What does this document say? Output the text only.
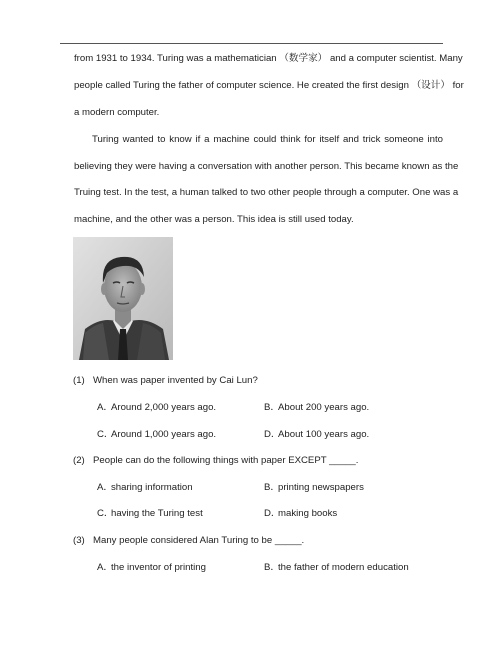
from 1931 to 1934. Turing was a mathematician （数学家） and a computer scientist. Many
people called Turing the father of computer science. He created the first design （设计） for
a modern computer.
Turing wanted to know if a machine could think for itself and trick someone into
believing they were having a conversation with another person. This became known as the
Truing test. In the test, a human talked to two other people through a computer. One was a
machine, and the other was a person. This idea is still used today.
(1) When was paper invented by Cai Lun?
A．Around 2,000 years ago.	B．About 200 years ago.
C．Around 1,000 years ago.	D．About 100 years ago.
(2) People can do the following things with paper EXCEPT _____.
A．sharing information	B．printing newspapers
C．having the Turing test	D．making books
(3) Many people considered Alan Turing to be _____.
A．the inventor of printing	B．the father of modern education
